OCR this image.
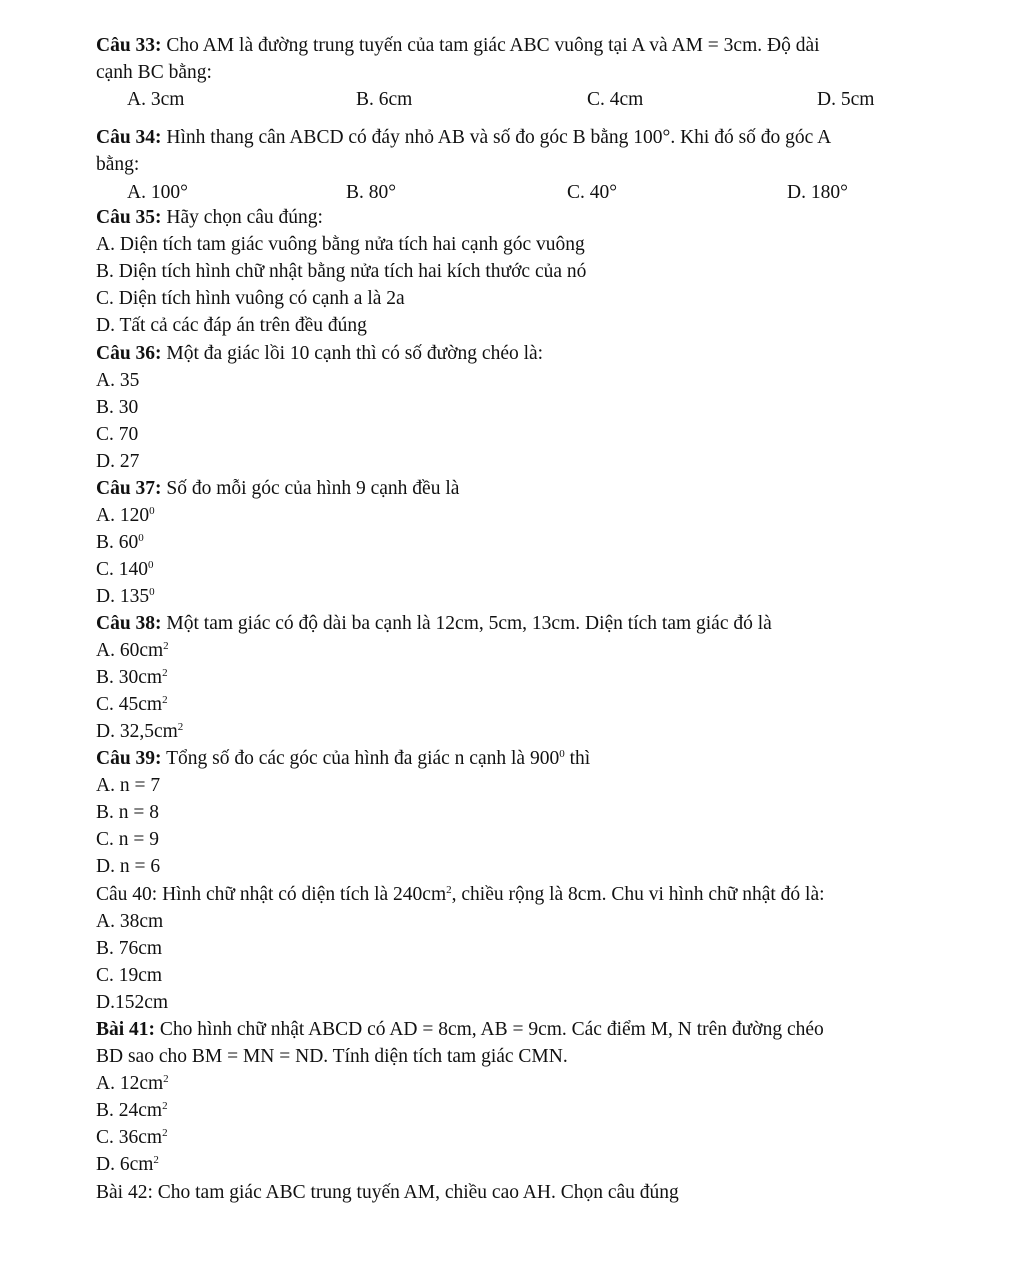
Câu 33: Cho AM là đường trung tuyến của tam giác ABC vuông tại A và AM = 3cm. Độ dài
cạnh BC bằng:
A. 3cm	B. 6cm	C. 4cm	D. 5cm
Câu 34: Hình thang cân ABCD có đáy nhỏ AB và số đo góc B bằng 100°. Khi đó số đo góc A
bằng:
A. 100°	B. 80°	C. 40°	D. 180°
Câu 35: Hãy chọn câu đúng:
A. Diện tích tam giác vuông bằng nửa tích hai cạnh góc vuông
B. Diện tích hình chữ nhật bằng nửa tích hai kích thước của nó
C. Diện tích hình vuông có cạnh a là 2a
D. Tất cả các đáp án trên đều đúng
Câu 36: Một đa giác lồi 10 cạnh thì có số đường chéo là:
A. 35
B. 30
C. 70
D. 27
Câu 37: Số đo mỗi góc của hình 9 cạnh đều là
A. $120^0$
B. $60^0$
C. $140^0$
D. $135^0$
Câu 38: Một tam giác có độ dài ba cạnh là 12cm, 5cm, 13cm. Diện tích tam giác đó là
A. $60cm^2$
B. $30cm^2$
C. $45cm^2$
D. $32,5cm^2$
Câu 39: Tổng số đo các góc của hình đa giác n cạnh là $900^0$ thì
A. n = 7
B. n = 8
C. n = 9
D. n = 6
Câu 40: Hình chữ nhật có diện tích là $240cm^2$, chiều rộng là 8cm. Chu vi hình chữ nhật đó là:
A. 38cm
B. 76cm
C. 19cm
D.152cm
Bài 41: Cho hình chữ nhật ABCD có AD = 8cm, AB = 9cm. Các điểm M, N trên đường chéo
BD sao cho BM = MN = ND. Tính diện tích tam giác CMN.
A. $12cm^2$
B. $24cm^2$
C. $36cm^2$
D. $6cm^2$
Bài 42: Cho tam giác ABC trung tuyến AM, chiều cao AH. Chọn câu đúng
